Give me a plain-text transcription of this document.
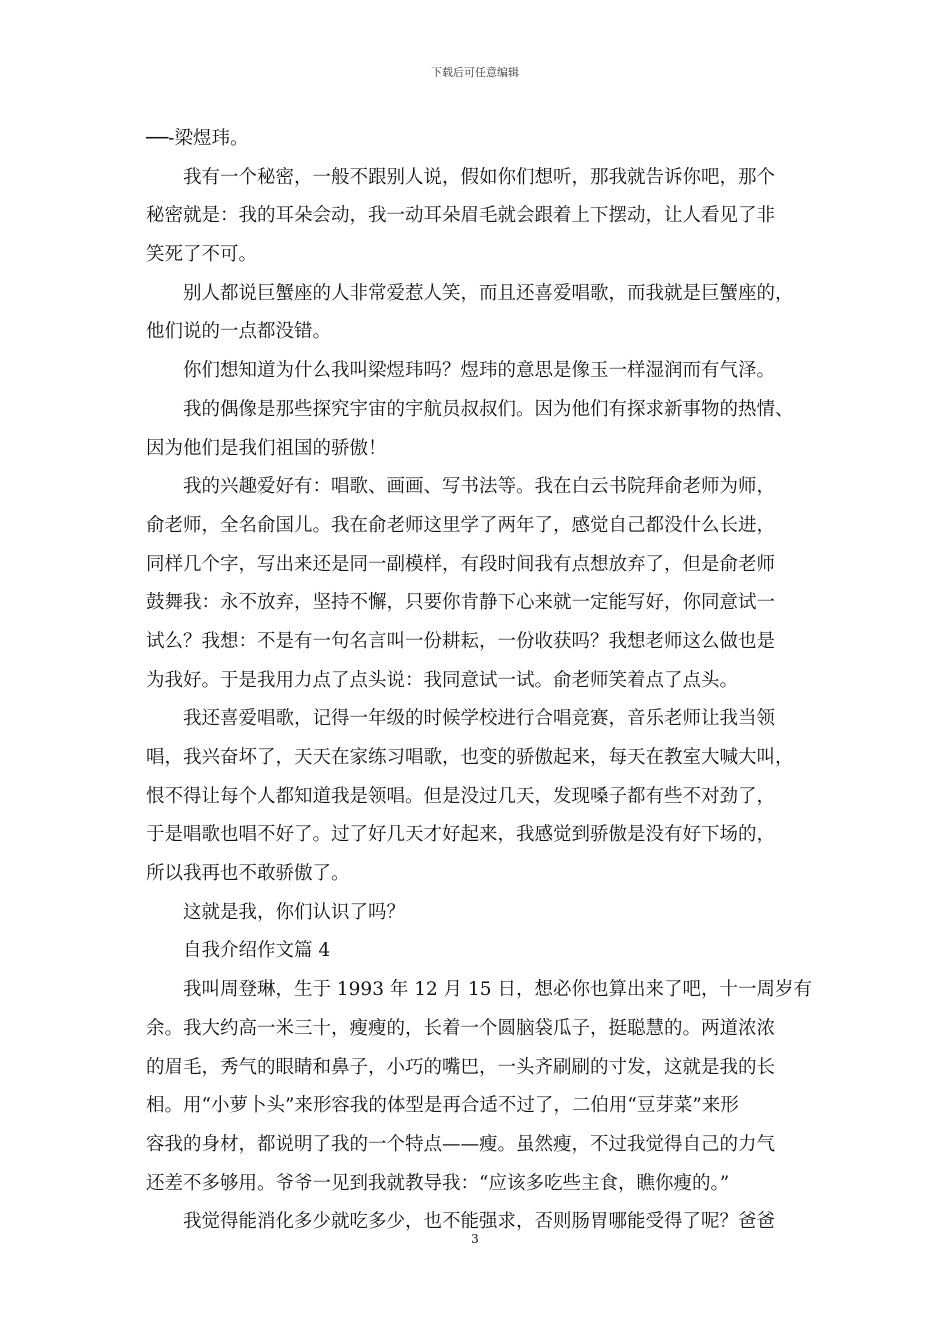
下载后可任意编辑
──-梁煜玮。
我有一个秘密，一般不跟别人说，假如你们想听，那我就告诉你吧，那个
秘密就是：我的耳朵会动，我一动耳朵眉毛就会跟着上下摆动，让人看见了非
笑死了不可。
别人都说巨蟹座的人非常爱惹人笑，而且还喜爱唱歌，而我就是巨蟹座的，
他们说的一点都没错。
你们想知道为什么我叫梁煜玮吗？煜玮的意思是像玉一样湿润而有气泽。
我的偶像是那些探究宇宙的宇航员叔叔们。因为他们有探求新事物的热情、
因为他们是我们祖国的骄傲！
我的兴趣爱好有：唱歌、画画、写书法等。我在白云书院拜俞老师为师，
俞老师，全名俞国儿。我在俞老师这里学了两年了，感觉自己都没什么长进，
同样几个字，写出来还是同一副模样，有段时间我有点想放弃了，但是俞老师
鼓舞我：永不放弃，坚持不懈，只要你肯静下心来就一定能写好，你同意试一
试么？我想：不是有一句名言叫一份耕耘，一份收获吗？我想老师这么做也是
为我好。于是我用力点了点头说：我同意试一试。俞老师笑着点了点头。
我还喜爱唱歌，记得一年级的时候学校进行合唱竞赛，音乐老师让我当领
唱，我兴奋坏了，天天在家练习唱歌，也变的骄傲起来，每天在教室大喊大叫，
恨不得让每个人都知道我是领唱。但是没过几天，发现嗓子都有些不对劲了，
于是唱歌也唱不好了。过了好几天才好起来，我感觉到骄傲是没有好下场的，
所以我再也不敢骄傲了。
这就是我，你们认识了吗？
自我介绍作文篇 4
我叫周登琳，生于 1993 年 12 月 15 日，想必你也算出来了吧，十一周岁有
余。我大约高一米三十，瘦瘦的，长着一个圆脑袋瓜子，挺聪慧的。两道浓浓
的眉毛，秀气的眼睛和鼻子，小巧的嘴巴，一头齐刷刷的寸发，这就是我的长
相。用“小萝卜头”来形容我的体型是再合适不过了，二伯用“豆芽菜”来形
容我的身材，都说明了我的一个特点——瘦。虽然瘦，不过我觉得自己的力气
还差不多够用。爷爷一见到我就教导我：“应该多吃些主食，瞧你瘦的。”
我觉得能消化多少就吃多少，也不能强求，否则肠胃哪能受得了呢？爸爸
3
